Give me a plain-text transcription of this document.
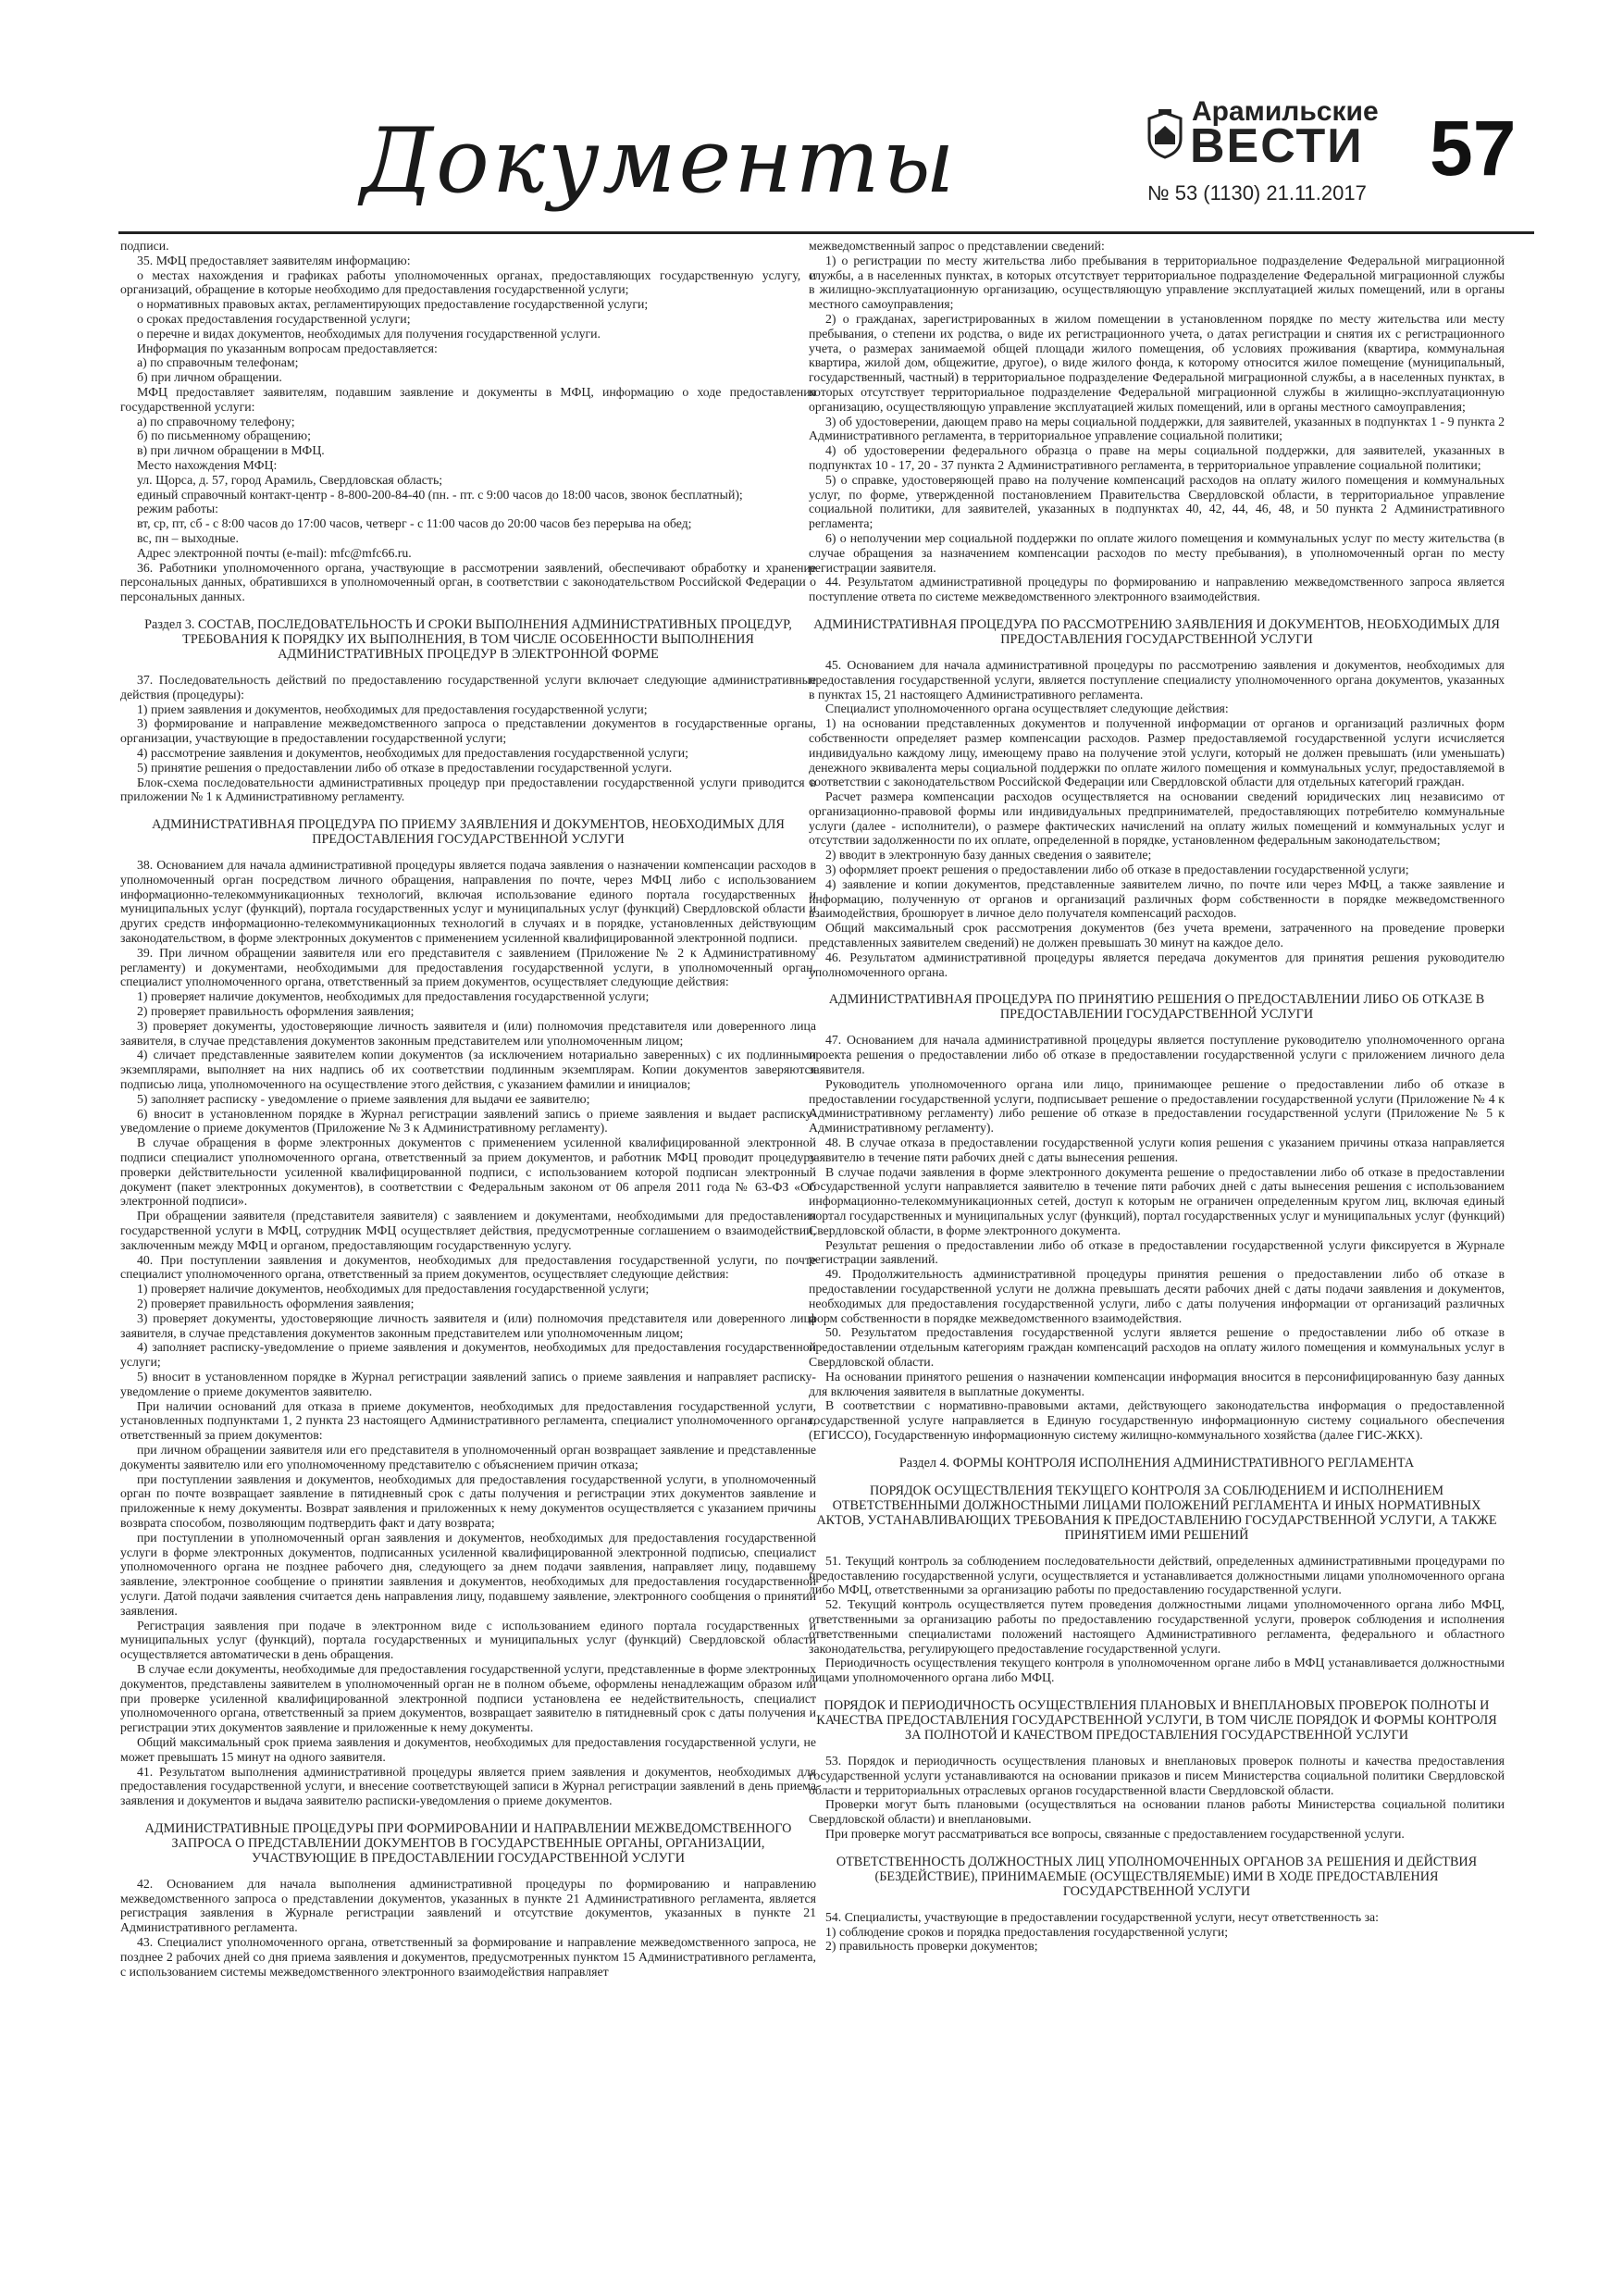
Документы	Арамильские
ВЕСТИ
№ 53 (1130) 21.11.2017
57

подписи.

35. МФЦ предоставляет заявителям информацию:

о местах нахождения и графиках работы уполномоченных органах, предоставляющих государственную услугу, и организаций, обращение в которые необходимо для предоставления государственной услуги;

о нормативных правовых актах, регламентирующих предоставление государственной услуги;

о сроках предоставления государственной услуги;

о перечне и видах документов, необходимых для получения государственной услуги.

Информация по указанным вопросам предоставляется:

а) по справочным телефонам;

б) при личном обращении.

МФЦ предоставляет заявителям, подавшим заявление и документы в МФЦ, информацию о ходе предоставления государственной услуги:

а) по справочному телефону;

б) по письменному обращению;

в) при личном обращении в МФЦ.

Место нахождения МФЦ:

ул. Щорса, д. 57, город Арамиль, Свердловская область;

единый справочный контакт-центр - 8-800-200-84-40 (пн. - пт. с 9:00 часов до 18:00 часов, звонок бесплатный);

режим работы:

вт, ср, пт, сб - с 8:00 часов до 17:00 часов, четверг - с 11:00 часов до 20:00 часов без перерыва на обед;

вс, пн – выходные.

Адрес электронной почты (e-mail): mfc@mfc66.ru.

36. Работники уполномоченного органа, участвующие в рассмотрении заявлений, обеспечивают обработку и хранение персональных данных, обратившихся в уполномоченный орган, в соответствии с законодательством Российской Федерации о персональных данных.

Раздел 3. СОСТАВ, ПОСЛЕДОВАТЕЛЬНОСТЬ И СРОКИ ВЫПОЛНЕНИЯ АДМИНИСТРАТИВНЫХ ПРОЦЕДУР, ТРЕБОВАНИЯ К ПОРЯДКУ ИХ ВЫПОЛНЕНИЯ, В ТОМ ЧИСЛЕ ОСОБЕННОСТИ ВЫПОЛНЕНИЯ АДМИНИСТРАТИВНЫХ ПРОЦЕДУР В ЭЛЕКТРОННОЙ ФОРМЕ

37. Последовательность действий по предоставлению государственной услуги включает следующие административные действия (процедуры):

1) прием заявления и документов, необходимых для предоставления государственной услуги;

3) формирование и направление межведомственного запроса о представлении документов в государственные органы, организации, участвующие в предоставлении государственной услуги;

4) рассмотрение заявления и документов, необходимых для предоставления государственной услуги;

5) принятие решения о предоставлении либо об отказе в предоставлении государственной услуги.

Блок-схема последовательности административных процедур при предоставлении государственной услуги приводится в приложении № 1 к Административному регламенту.

АДМИНИСТРАТИВНАЯ ПРОЦЕДУРА ПО ПРИЕМУ ЗАЯВЛЕНИЯ И ДОКУМЕНТОВ, НЕОБХОДИМЫХ ДЛЯ ПРЕДОСТАВЛЕНИЯ ГОСУДАРСТВЕННОЙ УСЛУГИ

38. Основанием для начала административной процедуры является подача заявления о назначении компенсации расходов в уполномоченный орган посредством личного обращения, направления по почте, через МФЦ либо с использованием информационно-телекоммуникационных технологий, включая использование единого портала государственных и муниципальных услуг (функций), портала государственных услуг и муниципальных услуг (функций) Свердловской области и других средств информационно-телекоммуникационных технологий в случаях и в порядке, установленных действующим законодательством, в форме электронных документов с применением усиленной квалифицированной электронной подписи.

39. При личном обращении заявителя или его представителя с заявлением (Приложение № 2 к Административному регламенту) и документами, необходимыми для предоставления государственной услуги, в уполномоченный орган, специалист уполномоченного органа, ответственный за прием документов, осуществляет следующие действия:

1) проверяет наличие документов, необходимых для предоставления государственной услуги;

2) проверяет правильность оформления заявления;

3) проверяет документы, удостоверяющие личность заявителя и (или) полномочия представителя или доверенного лица заявителя, в случае представления документов законным представителем или уполномоченным лицом;

4) сличает представленные заявителем копии документов (за исключением нотариально заверенных) с их подлинными экземплярами, выполняет на них надпись об их соответствии подлинным экземплярам. Копии документов заверяются подписью лица, уполномоченного на осуществление этого действия, с указанием фамилии и инициалов;

5) заполняет расписку - уведомление о приеме заявления для выдачи ее заявителю;

6) вносит в установленном порядке в Журнал регистрации заявлений запись о приеме заявления и выдает расписку-уведомление о приеме документов (Приложение № 3 к Административному регламенту).

В случае обращения в форме электронных документов с применением усиленной квалифицированной электронной подписи специалист уполномоченного органа, ответственный за прием документов, и работник МФЦ проводит процедуру проверки действительности усиленной квалифицированной подписи, с использованием которой подписан электронный документ (пакет электронных документов), в соответствии с Федеральным законом от 06 апреля 2011 года № 63-ФЗ «Об электронной подписи».

При обращении заявителя (представителя заявителя) с заявлением и документами, необходимыми для предоставления государственной услуги в МФЦ, сотрудник МФЦ осуществляет действия, предусмотренные соглашением о взаимодействии, заключенным между МФЦ и органом, предоставляющим государственную услугу.

40. При поступлении заявления и документов, необходимых для предоставления государственной услуги, по почте специалист уполномоченного органа, ответственный за прием документов, осуществляет следующие действия:

1) проверяет наличие документов, необходимых для предоставления государственной услуги;

2) проверяет правильность оформления заявления;

3) проверяет документы, удостоверяющие личность заявителя и (или) полномочия представителя или доверенного лица заявителя, в случае представления документов законным представителем или уполномоченным лицом;

4) заполняет расписку-уведомление о приеме заявления и документов, необходимых для предоставления государственной услуги;

5) вносит в установленном порядке в Журнал регистрации заявлений запись о приеме заявления и направляет расписку-уведомление о приеме документов заявителю.

При наличии оснований для отказа в приеме документов, необходимых для предоставления государственной услуги, установленных подпунктами 1, 2 пункта 23 настоящего Административного регламента, специалист уполномоченного органа, ответственный за прием документов:

при личном обращении заявителя или его представителя в уполномоченный орган возвращает заявление и представленные документы заявителю или его уполномоченному представителю с объяснением причин отказа;

при поступлении заявления и документов, необходимых для предоставления государственной услуги, в уполномоченный орган по почте возвращает заявление в пятидневный срок с даты получения и регистрации этих документов заявление и приложенные к нему документы. Возврат заявления и приложенных к нему документов осуществляется с указанием причины возврата способом, позволяющим подтвердить факт и дату возврата;

при поступлении в уполномоченный орган заявления и документов, необходимых для предоставления государственной услуги в форме электронных документов, подписанных усиленной квалифицированной электронной подписью, специалист уполномоченного органа не позднее рабочего дня, следующего за днем подачи заявления, направляет лицу, подавшему заявление, электронное сообщение о принятии заявления и документов, необходимых для предоставления государственной услуги. Датой подачи заявления считается день направления лицу, подавшему заявление, электронного сообщения о принятии заявления.

Регистрация заявления при подаче в электронном виде с использованием единого портала государственных и муниципальных услуг (функций), портала государственных и муниципальных услуг (функций) Свердловской области осуществляется автоматически в день обращения.

В случае если документы, необходимые для предоставления государственной услуги, представленные в форме электронных документов, представлены заявителем в уполномоченный орган не в полном объеме, оформлены ненадлежащим образом или при проверке усиленной квалифицированной электронной подписи установлена ее недействительность, специалист уполномоченного органа, ответственный за прием документов, возвращает заявителю в пятидневный срок с даты получения и регистрации этих документов заявление и приложенные к нему документы.

Общий максимальный срок приема заявления и документов, необходимых для предоставления государственной услуги, не может превышать 15 минут на одного заявителя.

41. Результатом выполнения административной процедуры является прием заявления и документов, необходимых для предоставления государственной услуги, и внесение соответствующей записи в Журнал регистрации заявлений в день приема заявления и документов и выдача заявителю расписки-уведомления о приеме документов.

АДМИНИСТРАТИВНЫЕ ПРОЦЕДУРЫ ПРИ ФОРМИРОВАНИИ И НАПРАВЛЕНИИ МЕЖВЕДОМСТВЕННОГО ЗАПРОСА О ПРЕДСТАВЛЕНИИ ДОКУМЕНТОВ В ГОСУДАРСТВЕННЫЕ ОРГАНЫ, ОРГАНИЗАЦИИ, УЧАСТВУЮЩИЕ В ПРЕДОСТАВЛЕНИИ ГОСУДАРСТВЕННОЙ УСЛУГИ

42. Основанием для начала выполнения административной процедуры по формированию и направлению межведомственного запроса о представлении документов, указанных в пункте 21 Административного регламента, является регистрация заявления в Журнале регистрации заявлений и отсутствие документов, указанных в пункте 21 Административного регламента.

43. Специалист уполномоченного органа, ответственный за формирование и направление межведомственного запроса, не позднее 2 рабочих дней со дня приема заявления и документов, предусмотренных пунктом 15 Административного регламента, с использованием системы межведомственного электронного взаимодействия направляет

межведомственный запрос о представлении сведений:

1) о регистрации по месту жительства либо пребывания в территориальное подразделение Федеральной миграционной службы, а в населенных пунктах, в которых отсутствует территориальное подразделение Федеральной миграционной службы в жилищно-эксплуатационную организацию, осуществляющую управление эксплуатацией жилых помещений, или в органы местного самоуправления;

2) о гражданах, зарегистрированных в жилом помещении в установленном порядке по месту жительства или месту пребывания, о степени их родства, о виде их регистрационного учета, о датах регистрации и снятия их с регистрационного учета, о размерах занимаемой общей площади жилого помещения, об условиях проживания (квартира, коммунальная квартира, жилой дом, общежитие, другое), о виде жилого фонда, к которому относится жилое помещение (муниципальный, государственный, частный) в территориальное подразделение Федеральной миграционной службы, а в населенных пунктах, в которых отсутствует территориальное подразделение Федеральной миграционной службы в жилищно-эксплуатационную организацию, осуществляющую управление эксплуатацией жилых помещений, или в органы местного самоуправления;

3) об удостоверении, дающем право на меры социальной поддержки, для заявителей, указанных в подпунктах 1 - 9 пункта 2 Административного регламента, в территориальное управление социальной политики;

4) об удостоверении федерального образца о праве на меры социальной поддержки, для заявителей, указанных в подпунктах 10 - 17, 20 - 37 пункта 2 Административного регламента, в территориальное управление социальной политики;

5) о справке, удостоверяющей право на получение компенсаций расходов на оплату жилого помещения и коммунальных услуг, по форме, утвержденной постановлением Правительства Свердловской области, в территориальное управление социальной политики, для заявителей, указанных в подпунктах 40, 42, 44, 46, 48, и 50 пункта 2 Административного регламента;

6) о неполучении мер социальной поддержки по оплате жилого помещения и коммунальных услуг по месту жительства (в случае обращения за назначением компенсации расходов по месту пребывания), в уполномоченный орган по месту регистрации заявителя.

44. Результатом административной процедуры по формированию и направлению межведомственного запроса является поступление ответа по системе межведомственного электронного взаимодействия.

АДМИНИСТРАТИВНАЯ ПРОЦЕДУРА ПО РАССМОТРЕНИЮ ЗАЯВЛЕНИЯ И ДОКУМЕНТОВ, НЕОБХОДИМЫХ ДЛЯ ПРЕДОСТАВЛЕНИЯ ГОСУДАРСТВЕННОЙ УСЛУГИ

45. Основанием для начала административной процедуры по рассмотрению заявления и документов, необходимых для предоставления государственной услуги, является поступление специалисту уполномоченного органа документов, указанных в пунктах 15, 21 настоящего Административного регламента.

Специалист уполномоченного органа осуществляет следующие действия:

1) на основании представленных документов и полученной информации от органов и организаций различных форм собственности определяет размер компенсации расходов. Размер предоставляемой государственной услуги исчисляется индивидуально каждому лицу, имеющему право на получение этой услуги, который не должен превышать (или уменьшать) денежного эквивалента меры социальной поддержки по оплате жилого помещения и коммунальных услуг, предоставляемой в соответствии с законодательством Российской Федерации или Свердловской области для отдельных категорий граждан.

Расчет размера компенсации расходов осуществляется на основании сведений юридических лиц независимо от организационно-правовой формы или индивидуальных предпринимателей, предоставляющих потребителю коммунальные услуги (далее - исполнители), о размере фактических начислений на оплату жилых помещений и коммунальных услуг и отсутствии задолженности по их оплате, определенной в порядке, установленном федеральным законодательством;

2) вводит в электронную базу данных сведения о заявителе;

3) оформляет проект решения о предоставлении либо об отказе в предоставлении государственной услуги;

4) заявление и копии документов, представленные заявителем лично, по почте или через МФЦ, а также заявление и информацию, полученную от органов и организаций различных форм собственности в порядке межведомственного взаимодействия, брошюрует в личное дело получателя компенсаций расходов.

Общий максимальный срок рассмотрения документов (без учета времени, затраченного на проведение проверки представленных заявителем сведений) не должен превышать 30 минут на каждое дело.

46. Результатом административной процедуры является передача документов для принятия решения руководителю уполномоченного органа.

АДМИНИСТРАТИВНАЯ ПРОЦЕДУРА ПО ПРИНЯТИЮ РЕШЕНИЯ О ПРЕДОСТАВЛЕНИИ ЛИБО ОБ ОТКАЗЕ В ПРЕДОСТАВЛЕНИИ ГОСУДАРСТВЕННОЙ УСЛУГИ

47. Основанием для начала административной процедуры является поступление руководителю уполномоченного органа проекта решения о предоставлении либо об отказе в предоставлении государственной услуги с приложением личного дела заявителя.

Руководитель уполномоченного органа или лицо, принимающее решение о предоставлении либо об отказе в предоставлении государственной услуги, подписывает решение о предоставлении государственной услуги (Приложение № 4 к Административному регламенту) либо решение об отказе в предоставлении государственной услуги (Приложение № 5 к Административному регламенту).

48. В случае отказа в предоставлении государственной услуги копия решения с указанием причины отказа направляется заявителю в течение пяти рабочих дней с даты вынесения решения.

В случае подачи заявления в форме электронного документа решение о предоставлении либо об отказе в предоставлении государственной услуги направляется заявителю в течение пяти рабочих дней с даты вынесения решения с использованием информационно-телекоммуникационных сетей, доступ к которым не ограничен определенным кругом лиц, включая единый портал государственных и муниципальных услуг (функций), портал государственных услуг и муниципальных услуг (функций) Свердловской области, в форме электронного документа.

Результат решения о предоставлении либо об отказе в предоставлении государственной услуги фиксируется в Журнале регистрации заявлений.

49. Продолжительность административной процедуры принятия решения о предоставлении либо об отказе в предоставлении государственной услуги не должна превышать десяти рабочих дней с даты подачи заявления и документов, необходимых для предоставления государственной услуги, либо с даты получения информации от организаций различных форм собственности в порядке межведомственного взаимодействия.

50. Результатом предоставления государственной услуги является решение о предоставлении либо об отказе в предоставлении отдельным категориям граждан компенсаций расходов на оплату жилого помещения и коммунальных услуг в Свердловской области.

На основании принятого решения о назначении компенсации информация вносится в персонифицированную базу данных для включения заявителя в выплатные документы.

В соответствии с нормативно-правовыми актами, действующего законодательства информация о предоставленной государственной услуге направляется в Единую государственную информационную систему социального обеспечения (ЕГИССО), Государственную информационную систему жилищно-коммунального хозяйства (далее ГИС-ЖКХ).

Раздел 4. ФОРМЫ КОНТРОЛЯ ИСПОЛНЕНИЯ АДМИНИСТРАТИВНОГО РЕГЛАМЕНТА
ПОРЯДОК ОСУЩЕСТВЛЕНИЯ ТЕКУЩЕГО КОНТРОЛЯ ЗА СОБЛЮДЕНИЕМ И ИСПОЛНЕНИЕМ ОТВЕТСТВЕННЫМИ ДОЛЖНОСТНЫМИ ЛИЦАМИ ПОЛОЖЕНИЙ РЕГЛАМЕНТА И ИНЫХ НОРМАТИВНЫХ АКТОВ, УСТАНАВЛИВАЮЩИХ ТРЕБОВАНИЯ К ПРЕДОСТАВЛЕНИЮ ГОСУДАРСТВЕННОЙ УСЛУГИ, А ТАКЖЕ ПРИНЯТИЕМ ИМИ РЕШЕНИЙ

51. Текущий контроль за соблюдением последовательности действий, определенных административными процедурами по предоставлению государственной услуги, осуществляется и устанавливается должностными лицами уполномоченного органа либо МФЦ, ответственными за организацию работы по предоставлению государственной услуги.

52. Текущий контроль осуществляется путем проведения должностными лицами уполномоченного органа либо МФЦ, ответственными за организацию работы по предоставлению государственной услуги, проверок соблюдения и исполнения ответственными специалистами положений настоящего Административного регламента, федерального и областного законодательства, регулирующего предоставление государственной услуги.

Периодичность осуществления текущего контроля в уполномоченном органе либо в МФЦ устанавливается должностными лицами уполномоченного органа либо МФЦ.

ПОРЯДОК И ПЕРИОДИЧНОСТЬ ОСУЩЕСТВЛЕНИЯ ПЛАНОВЫХ И ВНЕПЛАНОВЫХ ПРОВЕРОК ПОЛНОТЫ И КАЧЕСТВА ПРЕДОСТАВЛЕНИЯ ГОСУДАРСТВЕННОЙ УСЛУГИ, В ТОМ ЧИСЛЕ ПОРЯДОК И ФОРМЫ КОНТРОЛЯ ЗА ПОЛНОТОЙ И КАЧЕСТВОМ ПРЕДОСТАВЛЕНИЯ ГОСУДАРСТВЕННОЙ УСЛУГИ

53. Порядок и периодичность осуществления плановых и внеплановых проверок полноты и качества предоставления государственной услуги устанавливаются на основании приказов и писем Министерства социальной политики Свердловской области и территориальных отраслевых органов государственной власти Свердловской области.

Проверки могут быть плановыми (осуществляться на основании планов работы Министерства социальной политики Свердловской области) и внеплановыми.

При проверке могут рассматриваться все вопросы, связанные с предоставлением государственной услуги.

ОТВЕТСТВЕННОСТЬ ДОЛЖНОСТНЫХ ЛИЦ УПОЛНОМОЧЕННЫХ ОРГАНОВ ЗА РЕШЕНИЯ И ДЕЙСТВИЯ (БЕЗДЕЙСТВИЕ), ПРИНИМАЕМЫЕ (ОСУЩЕСТВЛЯЕМЫЕ) ИМИ В ХОДЕ ПРЕДОСТАВЛЕНИЯ ГОСУДАРСТВЕННОЙ УСЛУГИ

54. Специалисты, участвующие в предоставлении государственной услуги, несут ответственность за:

1) соблюдение сроков и порядка предоставления государственной услуги;

2) правильность проверки документов;
